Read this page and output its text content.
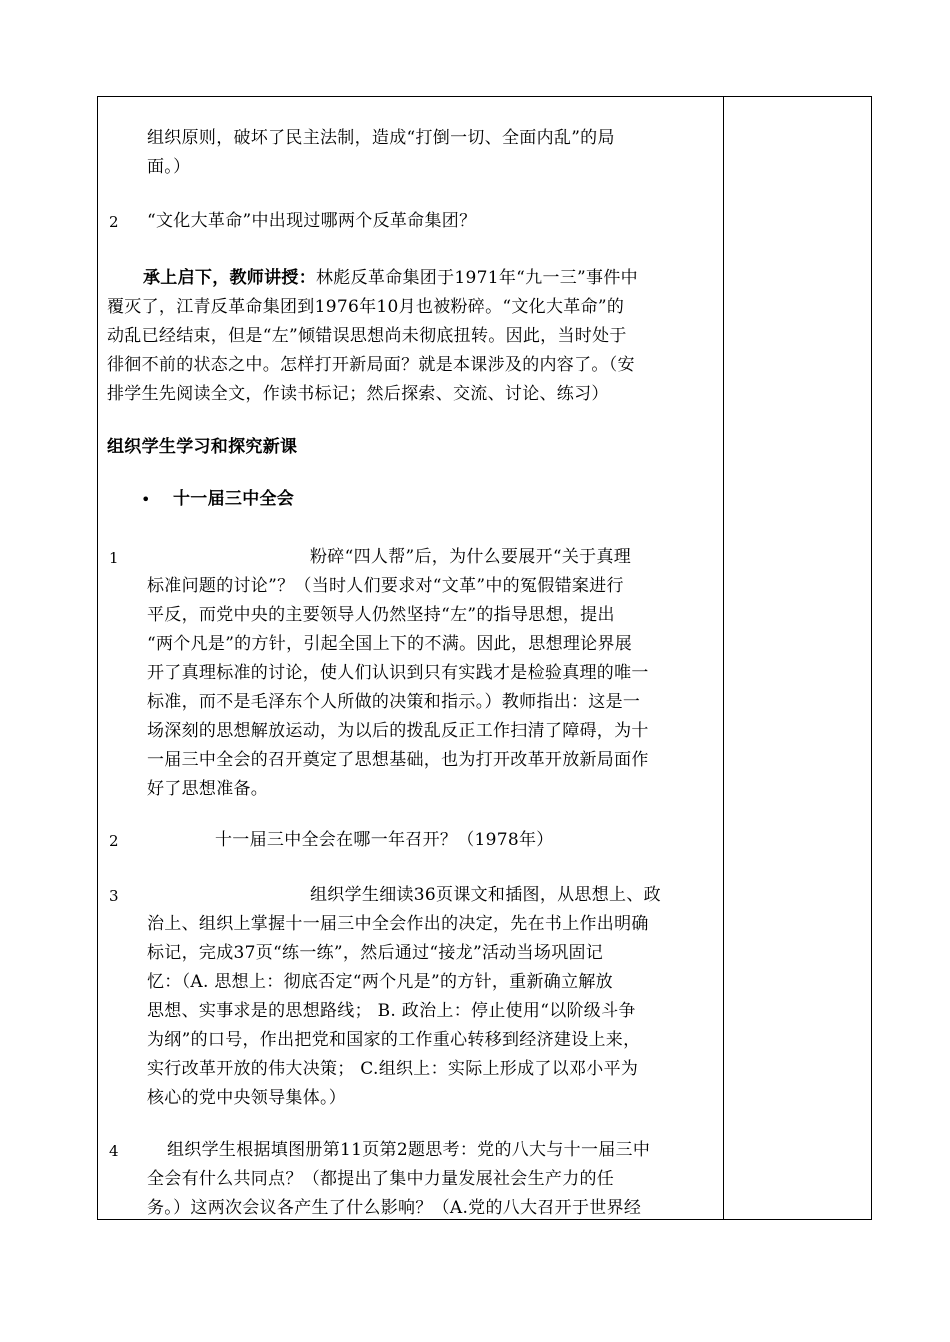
组织原则，破坏了民主法制，造成“打倒一切、全面内乱”的局
面。）
2 “文化大革命”中出现过哪两个反革命集团？
承上启下，教师讲授：林彪反革命集团于1971年“九一三”事件中
覆灭了，江青反革命集团到1976年10月也被粉碎。“文化大革命”的
动乱已经结束，但是“左”倾错误思想尚未彻底扭转。因此，当时处于
徘徊不前的状态之中。怎样打开新局面？就是本课涉及的内容了。（安
排学生先阅读全文，作读书标记；然后探索、交流、讨论、练习）
组织学生学习和探究新课
• 十一届三中全会
1	粉碎“四人帮”后，为什么要展开“关于真理
标准问题的讨论”？（当时人们要求对“文革”中的冤假错案进行
平反，而党中央的主要领导人仍然坚持“左”的指导思想，提出
“两个凡是”的方针，引起全国上下的不满。因此，思想理论界展
开了真理标准的讨论，使人们认识到只有实践才是检验真理的唯一
标准，而不是毛泽东个人所做的决策和指示。）教师指出：这是一
场深刻的思想解放运动，为以后的拨乱反正工作扫清了障碍，为十
一届三中全会的召开奠定了思想基础，也为打开改革开放新局面作
好了思想准备。
2	十一届三中全会在哪一年召开？（1978年）
3	组织学生细读36页课文和插图，从思想上、政
治上、组织上掌握十一届三中全会作出的决定，先在书上作出明确
标记，完成37页“练一练”，然后通过“接龙”活动当场巩固记
忆：（A. 思想上：彻底否定“两个凡是”的方针，重新确立解放
思想、实事求是的思想路线； B. 政治上：停止使用“以阶级斗争
为纲”的口号，作出把党和国家的工作重心转移到经济建设上来，
实行改革开放的伟大决策； C.组织上：实际上形成了以邓小平为
核心的党中央领导集体。）
4	组织学生根据填图册第11页第2题思考：党的八大与十一届三中
全会有什么共同点？（都提出了集中力量发展社会生产力的任
务。）这两次会议各产生了什么影响？（A.党的八大召开于世界经
